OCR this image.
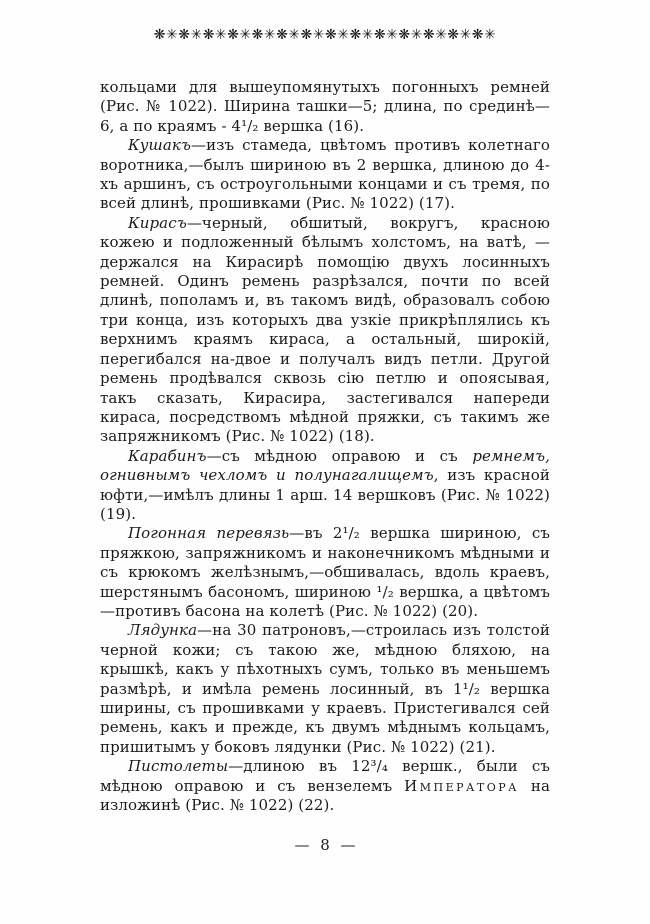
❋✳❋✳❋✳❋✳❋✳❋✳❋✳❋✳❋✳❋✳❋✳❋✳❋✳❋✳

кольцами для вышеупомянутыхъ погонныхъ ремней (Рис. № 1022). Ширина ташки—5; длина, по срединѣ—6, а по краямъ - 4¹/₂ вершка (16).

Кушакъ—изъ стамеда, цвѣтомъ противъ колетнаго воротника,—былъ шириною въ 2 вершка, длиною до 4-хъ аршинъ, съ остроугольными концами и съ тремя, по всей длинѣ, прошивками (Рис. № 1022) (17).

Кирасъ—черный, обшитый, вокругъ, красною кожею и подложенный бѣлымъ холстомъ, на ватѣ, — держался на Кирасирѣ помощію двухъ лосинныхъ ремней. Одинъ ремень разрѣзался, почти по всей длинѣ, пополамъ и, въ такомъ видѣ, образовалъ собою три конца, изъ которыхъ два узкіе прикрѣплялись къ верхнимъ краямъ кираса, а остальный, широкій, перегибался на-двое и получалъ видъ петли. Другой ремень продѣвался сквозь сію петлю и опоясывая, такъ сказать, Кирасира, застегивался напереди кираса, посредствомъ мѣдной пряжки, съ такимъ же запряжникомъ (Рис. № 1022) (18).

Карабинъ—съ мѣдною оправою и съ ремнемъ, огнивнымъ чехломъ и полунагалищемъ, изъ красной юфти,—имѣлъ длины 1 арш. 14 вершковъ (Рис. № 1022) (19).

Погонная перевязь—въ 2¹/₂ вершка шириною, съ пряжкою, запряжникомъ и наконечникомъ мѣдными и съ крюкомъ желѣзнымъ,—обшивалась, вдоль краевъ, шерстянымъ басономъ, шириною ¹/₂ вершка, а цвѣтомъ—противъ басона на колетѣ (Рис. № 1022) (20).

Лядунка—на 30 патроновъ,—строилась изъ толстой черной кожи; съ такою же, мѣдною бляхою, на крышкѣ, какъ у пѣхотныхъ сумъ, только въ меньшемъ размѣрѣ, и имѣла ремень лосинный, въ 1¹/₂ вершка ширины, съ прошивками у краевъ. Пристегивался сей ремень, какъ и прежде, къ двумъ мѣднымъ кольцамъ, пришитымъ у боковъ лядунки (Рис. № 1022) (21).

Пистолеты—длиною въ 12³/₄ вершк., были съ мѣдною оправою и съ вензелемъ Императора на изложинѣ (Рис. № 1022) (22).

— 8 —
